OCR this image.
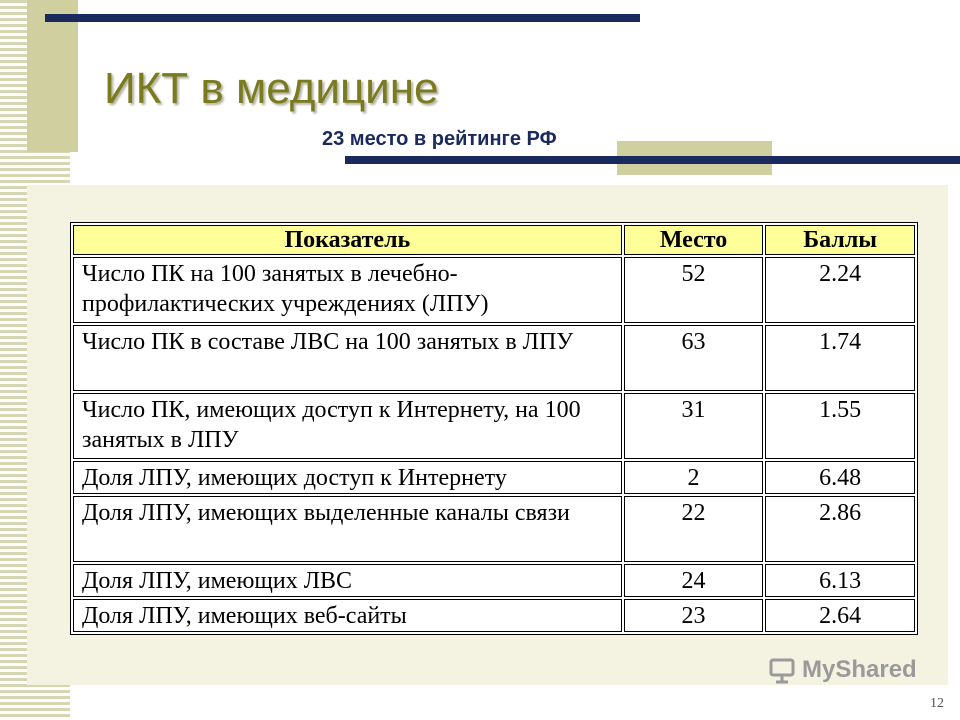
ИКТ в медицине
23 место в рейтинге РФ
Показатель	Место	Баллы
Число ПК на 100 занятых в лечебно-профилактических учреждениях (ЛПУ)	52	2.24
Число ПК в составе ЛВС на 100 занятых в ЛПУ	63	1.74
Число ПК, имеющих доступ к Интернету, на 100 занятых в ЛПУ	31	1.55
Доля ЛПУ, имеющих доступ к Интернету	2	6.48
Доля ЛПУ, имеющих выделенные каналы связи	22	2.86
Доля ЛПУ, имеющих ЛВС	24	6.13
Доля ЛПУ, имеющих веб-сайты	23	2.64
MyShared
12
